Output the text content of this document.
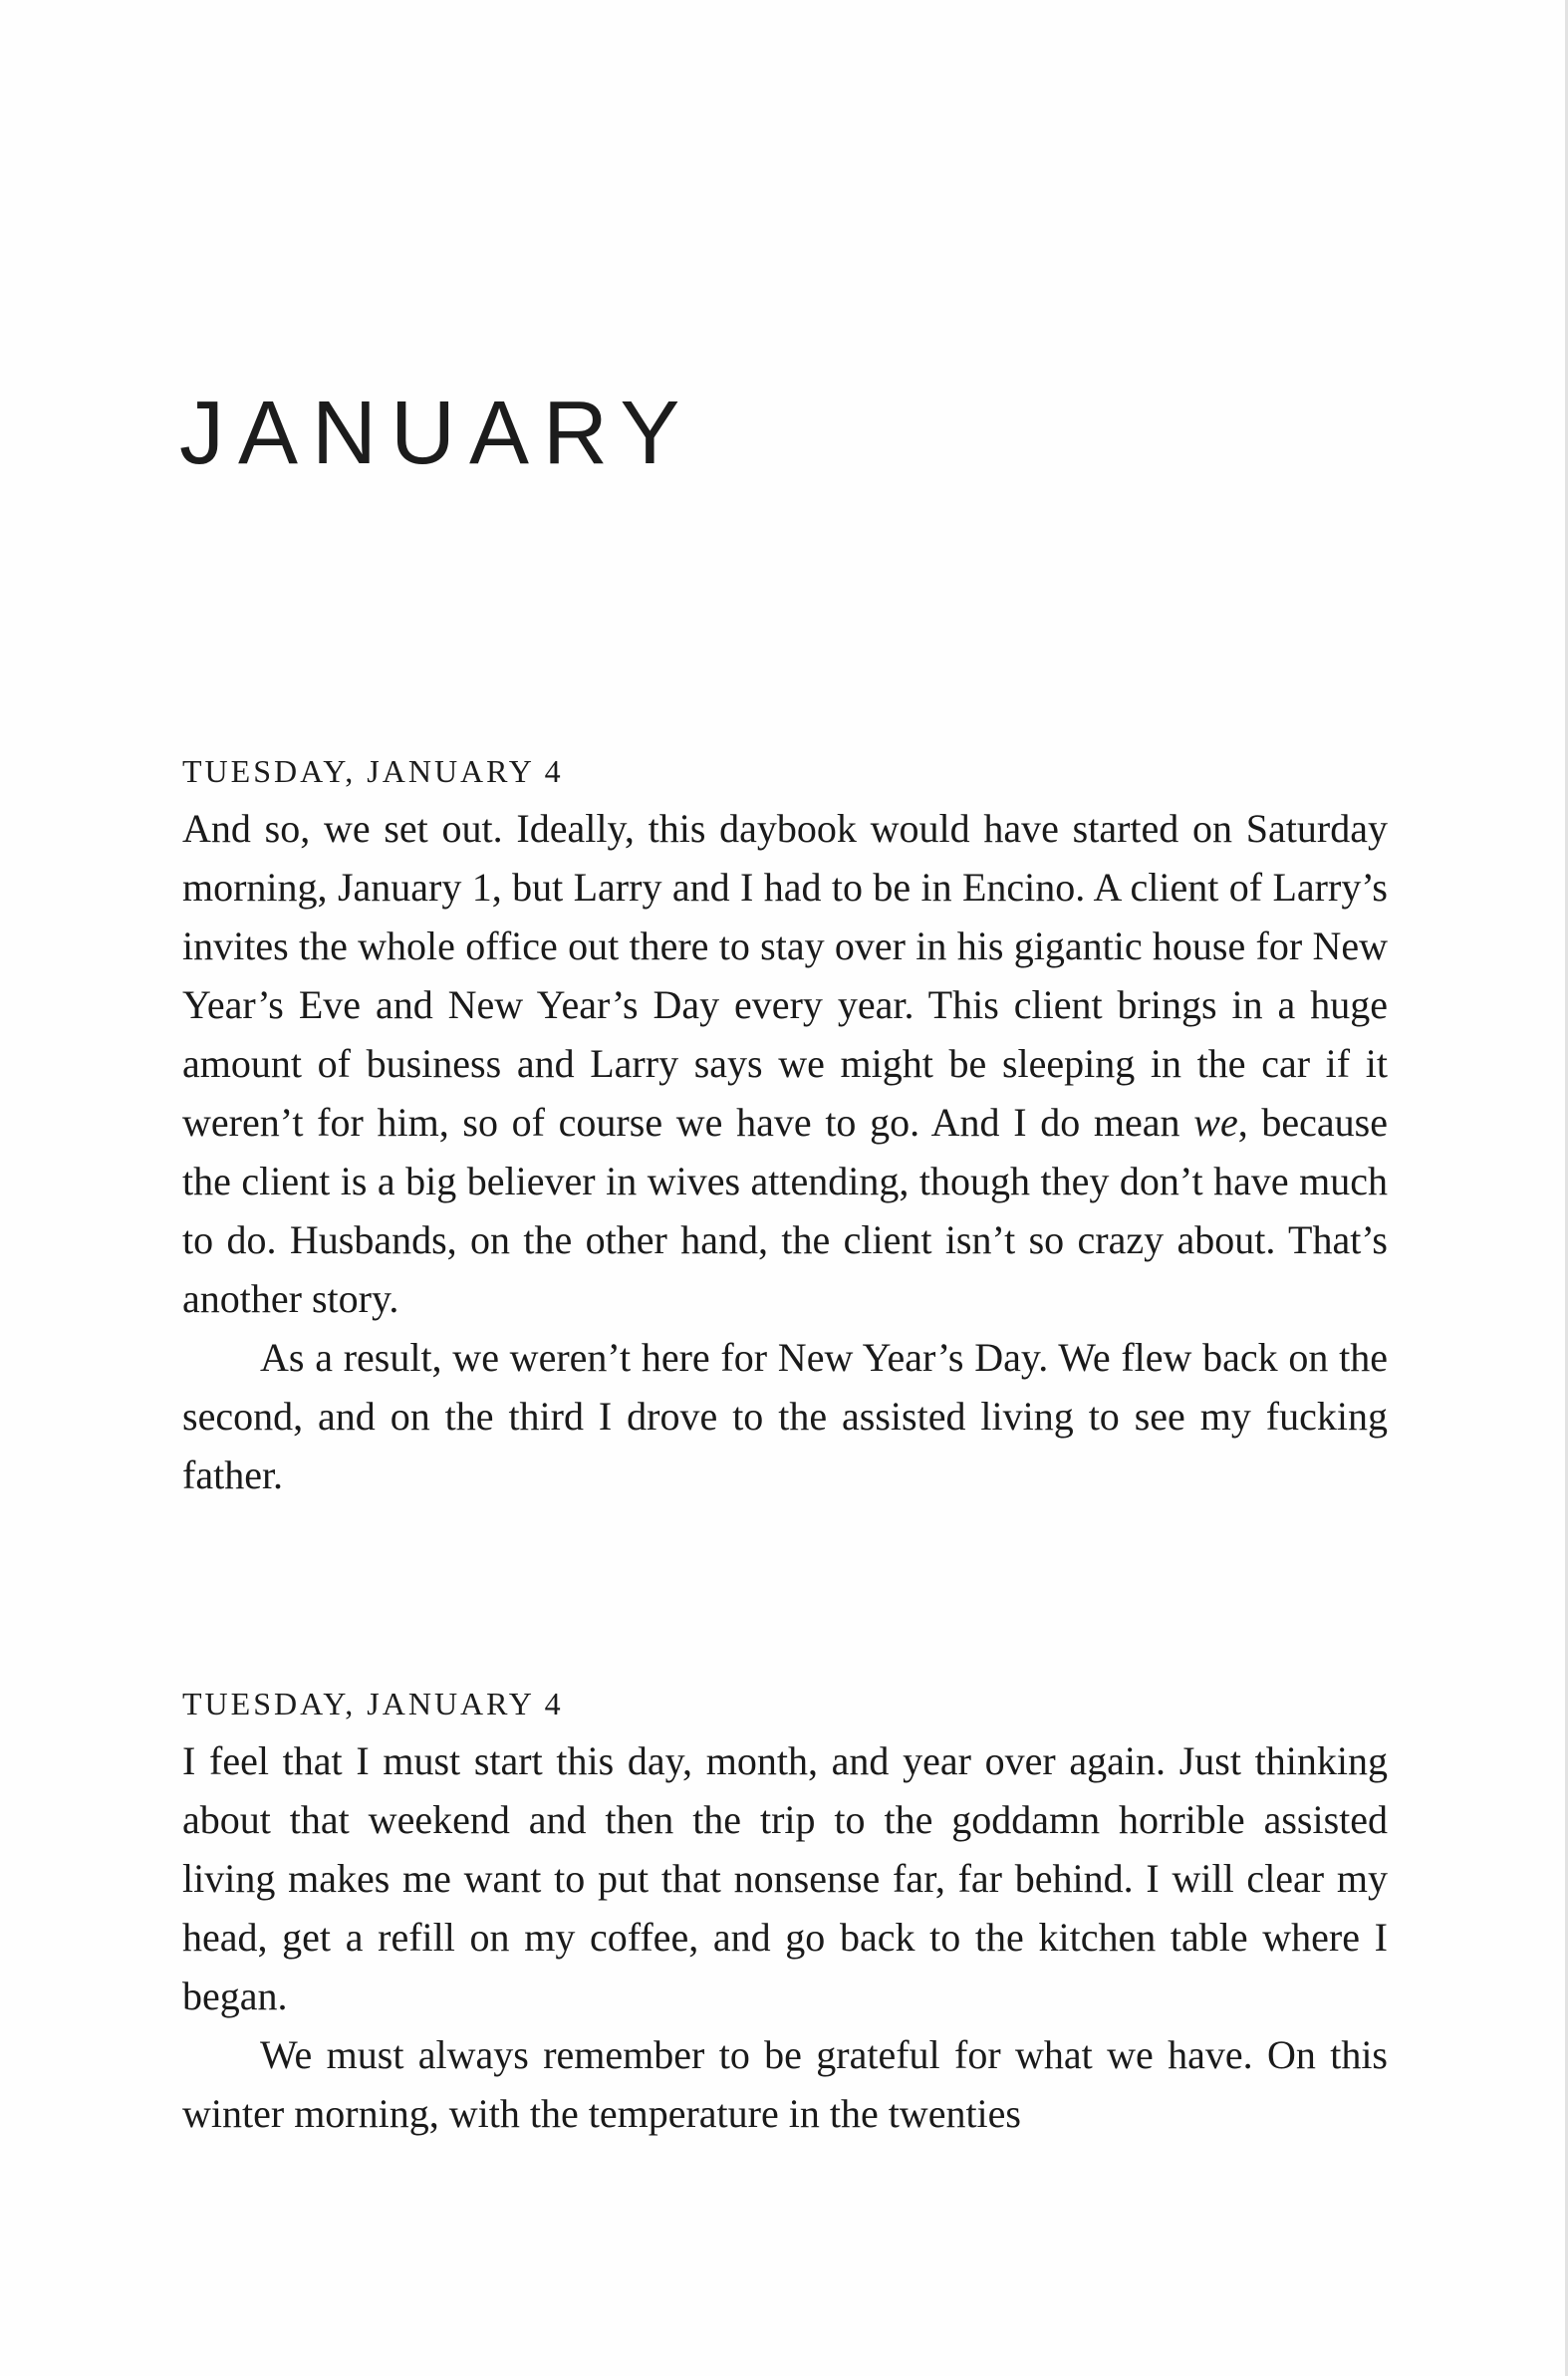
JANUARY
TUESDAY, JANUARY 4

And so, we set out. Ideally, this daybook would have started on Saturday morning, January 1, but Larry and I had to be in Encino. A client of Larry’s invites the whole office out there to stay over in his gigantic house for New Year’s Eve and New Year’s Day every year. This client brings in a huge amount of business and Larry says we might be sleeping in the car if it weren’t for him, so of course we have to go. And I do mean we, because the client is a big believer in wives attending, though they don’t have much to do. Husbands, on the other hand, the client isn’t so crazy about. That’s another story.

As a result, we weren’t here for New Year’s Day. We flew back on the second, and on the third I drove to the assisted living to see my fucking father.

TUESDAY, JANUARY 4

I feel that I must start this day, month, and year over again. Just thinking about that weekend and then the trip to the goddamn horrible assisted living makes me want to put that nonsense far, far behind. I will clear my head, get a refill on my coffee, and go back to the kitchen table where I began.

We must always remember to be grateful for what we have. On this winter morning, with the temperature in the twenties
